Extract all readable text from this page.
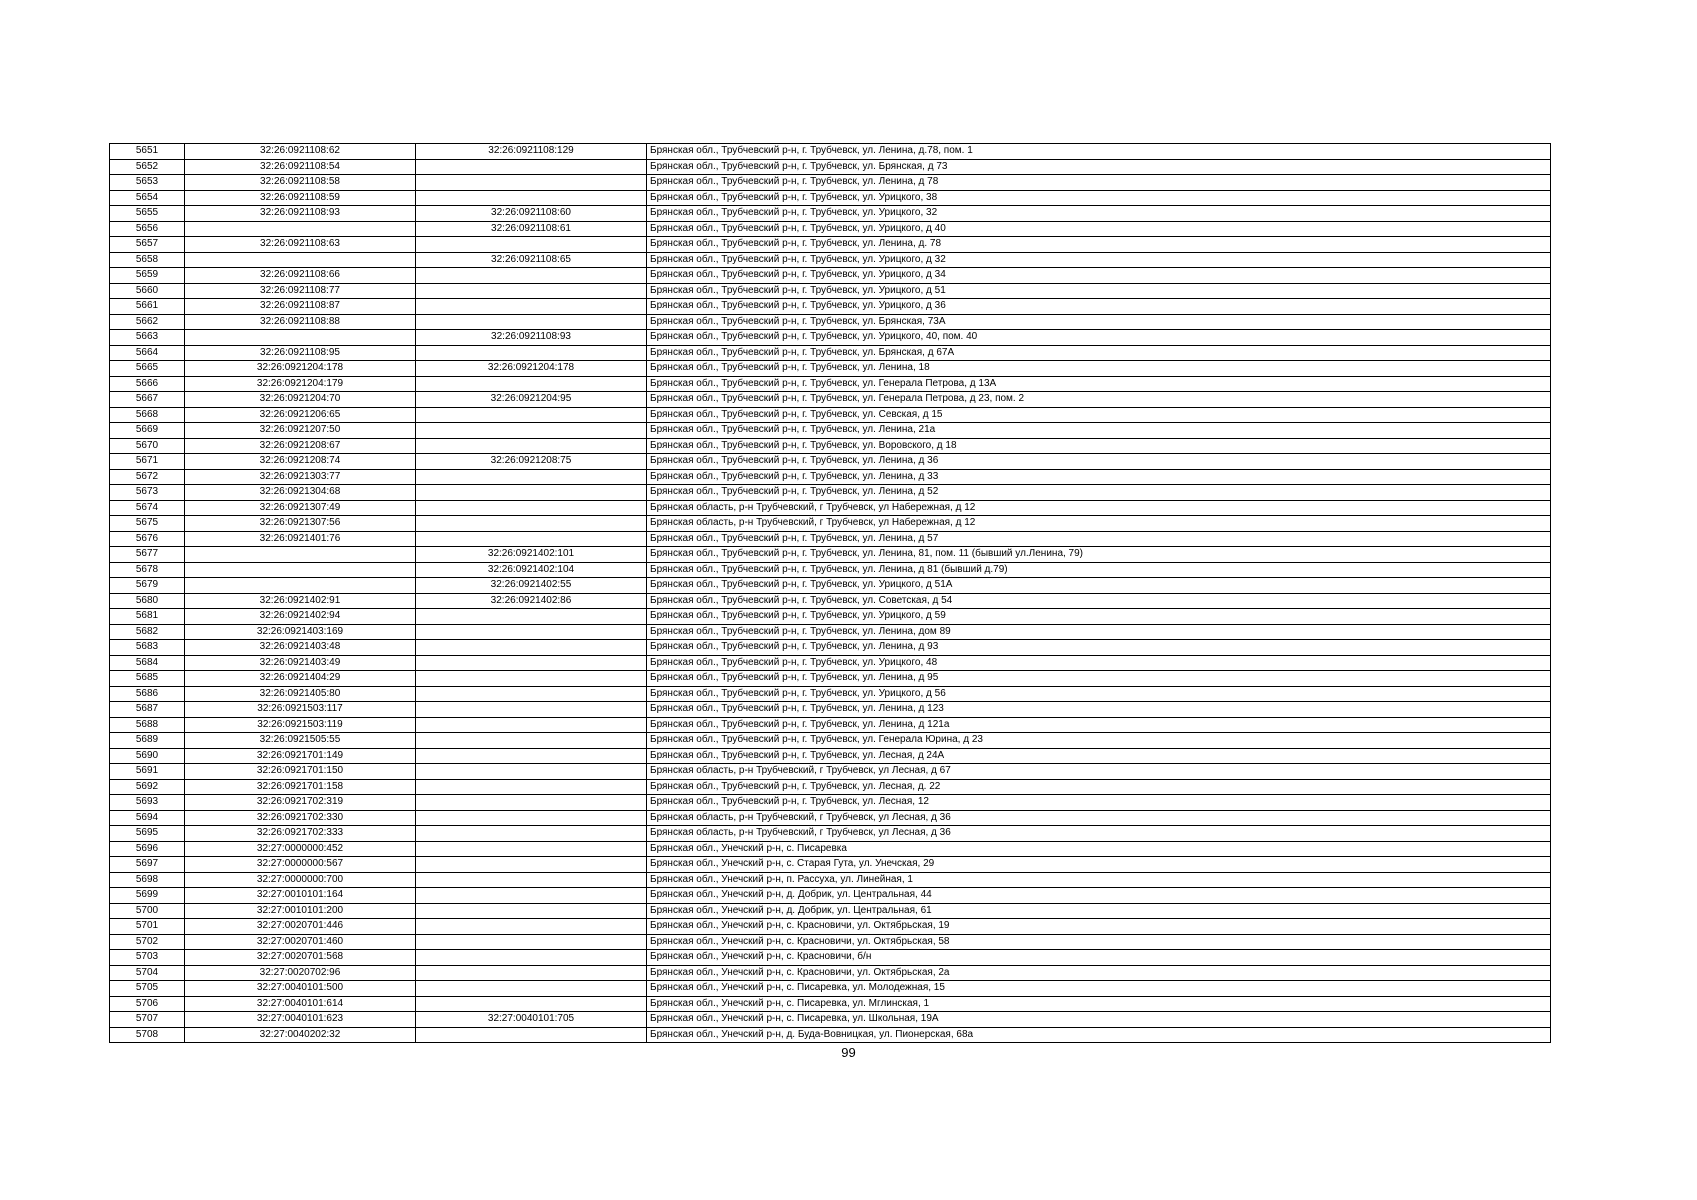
5651	32:26:0921108:62	32:26:0921108:129	Брянская обл., Трубчевский р-н, г. Трубчевск, ул. Ленина, д.78, пом. 1
5652	32:26:0921108:54		Брянская обл., Трубчевский р-н, г. Трубчевск, ул. Брянская, д 73
5653	32:26:0921108:58		Брянская обл., Трубчевский р-н, г. Трубчевск, ул. Ленина, д 78
5654	32:26:0921108:59		Брянская обл., Трубчевский р-н, г. Трубчевск, ул. Урицкого, 38
5655	32:26:0921108:93	32:26:0921108:60	Брянская обл., Трубчевский р-н, г. Трубчевск, ул. Урицкого, 32
5656		32:26:0921108:61	Брянская обл., Трубчевский р-н, г. Трубчевск, ул. Урицкого, д 40
5657	32:26:0921108:63		Брянская обл., Трубчевский р-н, г. Трубчевск, ул. Ленина, д. 78
5658		32:26:0921108:65	Брянская обл., Трубчевский р-н, г. Трубчевск, ул. Урицкого, д 32
5659	32:26:0921108:66		Брянская обл., Трубчевский р-н, г. Трубчевск, ул. Урицкого, д 34
5660	32:26:0921108:77		Брянская обл., Трубчевский р-н, г. Трубчевск, ул. Урицкого, д 51
5661	32:26:0921108:87		Брянская обл., Трубчевский р-н, г. Трубчевск, ул. Урицкого, д 36
5662	32:26:0921108:88		Брянская обл., Трубчевский р-н, г. Трубчевск, ул. Брянская, 73А
5663		32:26:0921108:93	Брянская обл., Трубчевский р-н, г. Трубчевск, ул. Урицкого, 40, пом. 40
5664	32:26:0921108:95		Брянская обл., Трубчевский р-н, г. Трубчевск, ул. Брянская, д 67А
5665	32:26:0921204:178	32:26:0921204:178	Брянская обл., Трубчевский р-н, г. Трубчевск, ул. Ленина, 18
5666	32:26:0921204:179		Брянская обл., Трубчевский р-н, г. Трубчевск, ул. Генерала Петрова, д 13А
5667	32:26:0921204:70	32:26:0921204:95	Брянская обл., Трубчевский р-н, г. Трубчевск, ул. Генерала Петрова, д 23, пом. 2
5668	32:26:0921206:65		Брянская обл., Трубчевский р-н, г. Трубчевск, ул. Севская, д 15
5669	32:26:0921207:50		Брянская обл., Трубчевский р-н, г. Трубчевск, ул. Ленина, 21а
5670	32:26:0921208:67		Брянская обл., Трубчевский р-н, г. Трубчевск, ул. Воровского, д 18
5671	32:26:0921208:74	32:26:0921208:75	Брянская обл., Трубчевский р-н, г. Трубчевск, ул. Ленина, д 36
5672	32:26:0921303:77		Брянская обл., Трубчевский р-н, г. Трубчевск, ул. Ленина, д 33
5673	32:26:0921304:68		Брянская обл., Трубчевский р-н, г. Трубчевск, ул. Ленина, д 52
5674	32:26:0921307:49		Брянская область, р-н Трубчевский, г Трубчевск, ул Набережная, д 12
5675	32:26:0921307:56		Брянская область, р-н Трубчевский, г Трубчевск, ул Набережная, д 12
5676	32:26:0921401:76		Брянская обл., Трубчевский р-н, г. Трубчевск, ул. Ленина, д 57
5677		32:26:0921402:101	Брянская обл., Трубчевский р-н, г. Трубчевск, ул. Ленина, 81, пом. 11 (бывший ул.Ленина, 79)
5678		32:26:0921402:104	Брянская обл., Трубчевский р-н, г. Трубчевск, ул. Ленина, д 81 (бывший д.79)
5679		32:26:0921402:55	Брянская обл., Трубчевский р-н, г. Трубчевск, ул. Урицкого, д 51А
5680	32:26:0921402:91	32:26:0921402:86	Брянская обл., Трубчевский р-н, г. Трубчевск, ул. Советская, д 54
5681	32:26:0921402:94		Брянская обл., Трубчевский р-н, г. Трубчевск, ул. Урицкого, д 59
5682	32:26:0921403:169		Брянская обл., Трубчевский р-н, г. Трубчевск, ул. Ленина, дом 89
5683	32:26:0921403:48		Брянская обл., Трубчевский р-н, г. Трубчевск, ул. Ленина, д 93
5684	32:26:0921403:49		Брянская обл., Трубчевский р-н, г. Трубчевск, ул. Урицкого, 48
5685	32:26:0921404:29		Брянская обл., Трубчевский р-н, г. Трубчевск, ул. Ленина, д 95
5686	32:26:0921405:80		Брянская обл., Трубчевский р-н, г. Трубчевск, ул. Урицкого, д 56
5687	32:26:0921503:117		Брянская обл., Трубчевский р-н, г. Трубчевск, ул. Ленина, д 123
5688	32:26:0921503:119		Брянская обл., Трубчевский р-н, г. Трубчевск, ул. Ленина, д 121а
5689	32:26:0921505:55		Брянская обл., Трубчевский р-н, г. Трубчевск, ул. Генерала Юрина, д 23
5690	32:26:0921701:149		Брянская обл., Трубчевский р-н, г. Трубчевск, ул. Лесная, д 24А
5691	32:26:0921701:150		Брянская область, р-н Трубчевский, г Трубчевск, ул Лесная, д 67
5692	32:26:0921701:158		Брянская обл., Трубчевский р-н, г. Трубчевск, ул. Лесная, д. 22
5693	32:26:0921702:319		Брянская обл., Трубчевский р-н, г. Трубчевск, ул. Лесная, 12
5694	32:26:0921702:330		Брянская область, р-н Трубчевский, г Трубчевск, ул Лесная, д 36
5695	32:26:0921702:333		Брянская область, р-н Трубчевский, г Трубчевск, ул Лесная, д 36
5696	32:27:0000000:452		Брянская обл., Унечский р-н, с. Писаревка
5697	32:27:0000000:567		Брянская обл., Унечский р-н, с. Старая Гута, ул. Унечская, 29
5698	32:27:0000000:700		Брянская обл., Унечский р-н, п. Рассуха, ул. Линейная, 1
5699	32:27:0010101:164		Брянская обл., Унечский р-н, д. Добрик, ул. Центральная, 44
5700	32:27:0010101:200		Брянская обл., Унечский р-н, д. Добрик, ул. Центральная, 61
5701	32:27:0020701:446		Брянская обл., Унечский р-н, с. Красновичи, ул. Октябрьская, 19
5702	32:27:0020701:460		Брянская обл., Унечский р-н, с. Красновичи, ул. Октябрьская, 58
5703	32:27:0020701:568		Брянская обл., Унечский р-н, с. Красновичи, б/н
5704	32:27:0020702:96		Брянская обл., Унечский р-н, с. Красновичи, ул. Октябрьская, 2а
5705	32:27:0040101:500		Брянская обл., Унечский р-н, с. Писаревка, ул. Молодежная, 15
5706	32:27:0040101:614		Брянская обл., Унечский р-н, с. Писаревка, ул. Мглинская, 1
5707	32:27:0040101:623	32:27:0040101:705	Брянская обл., Унечский р-н, с. Писаревка, ул. Школьная, 19А
5708	32:27:0040202:32		Брянская обл., Унечский р-н, д. Буда-Вовницкая, ул. Пионерская, 68а
99
